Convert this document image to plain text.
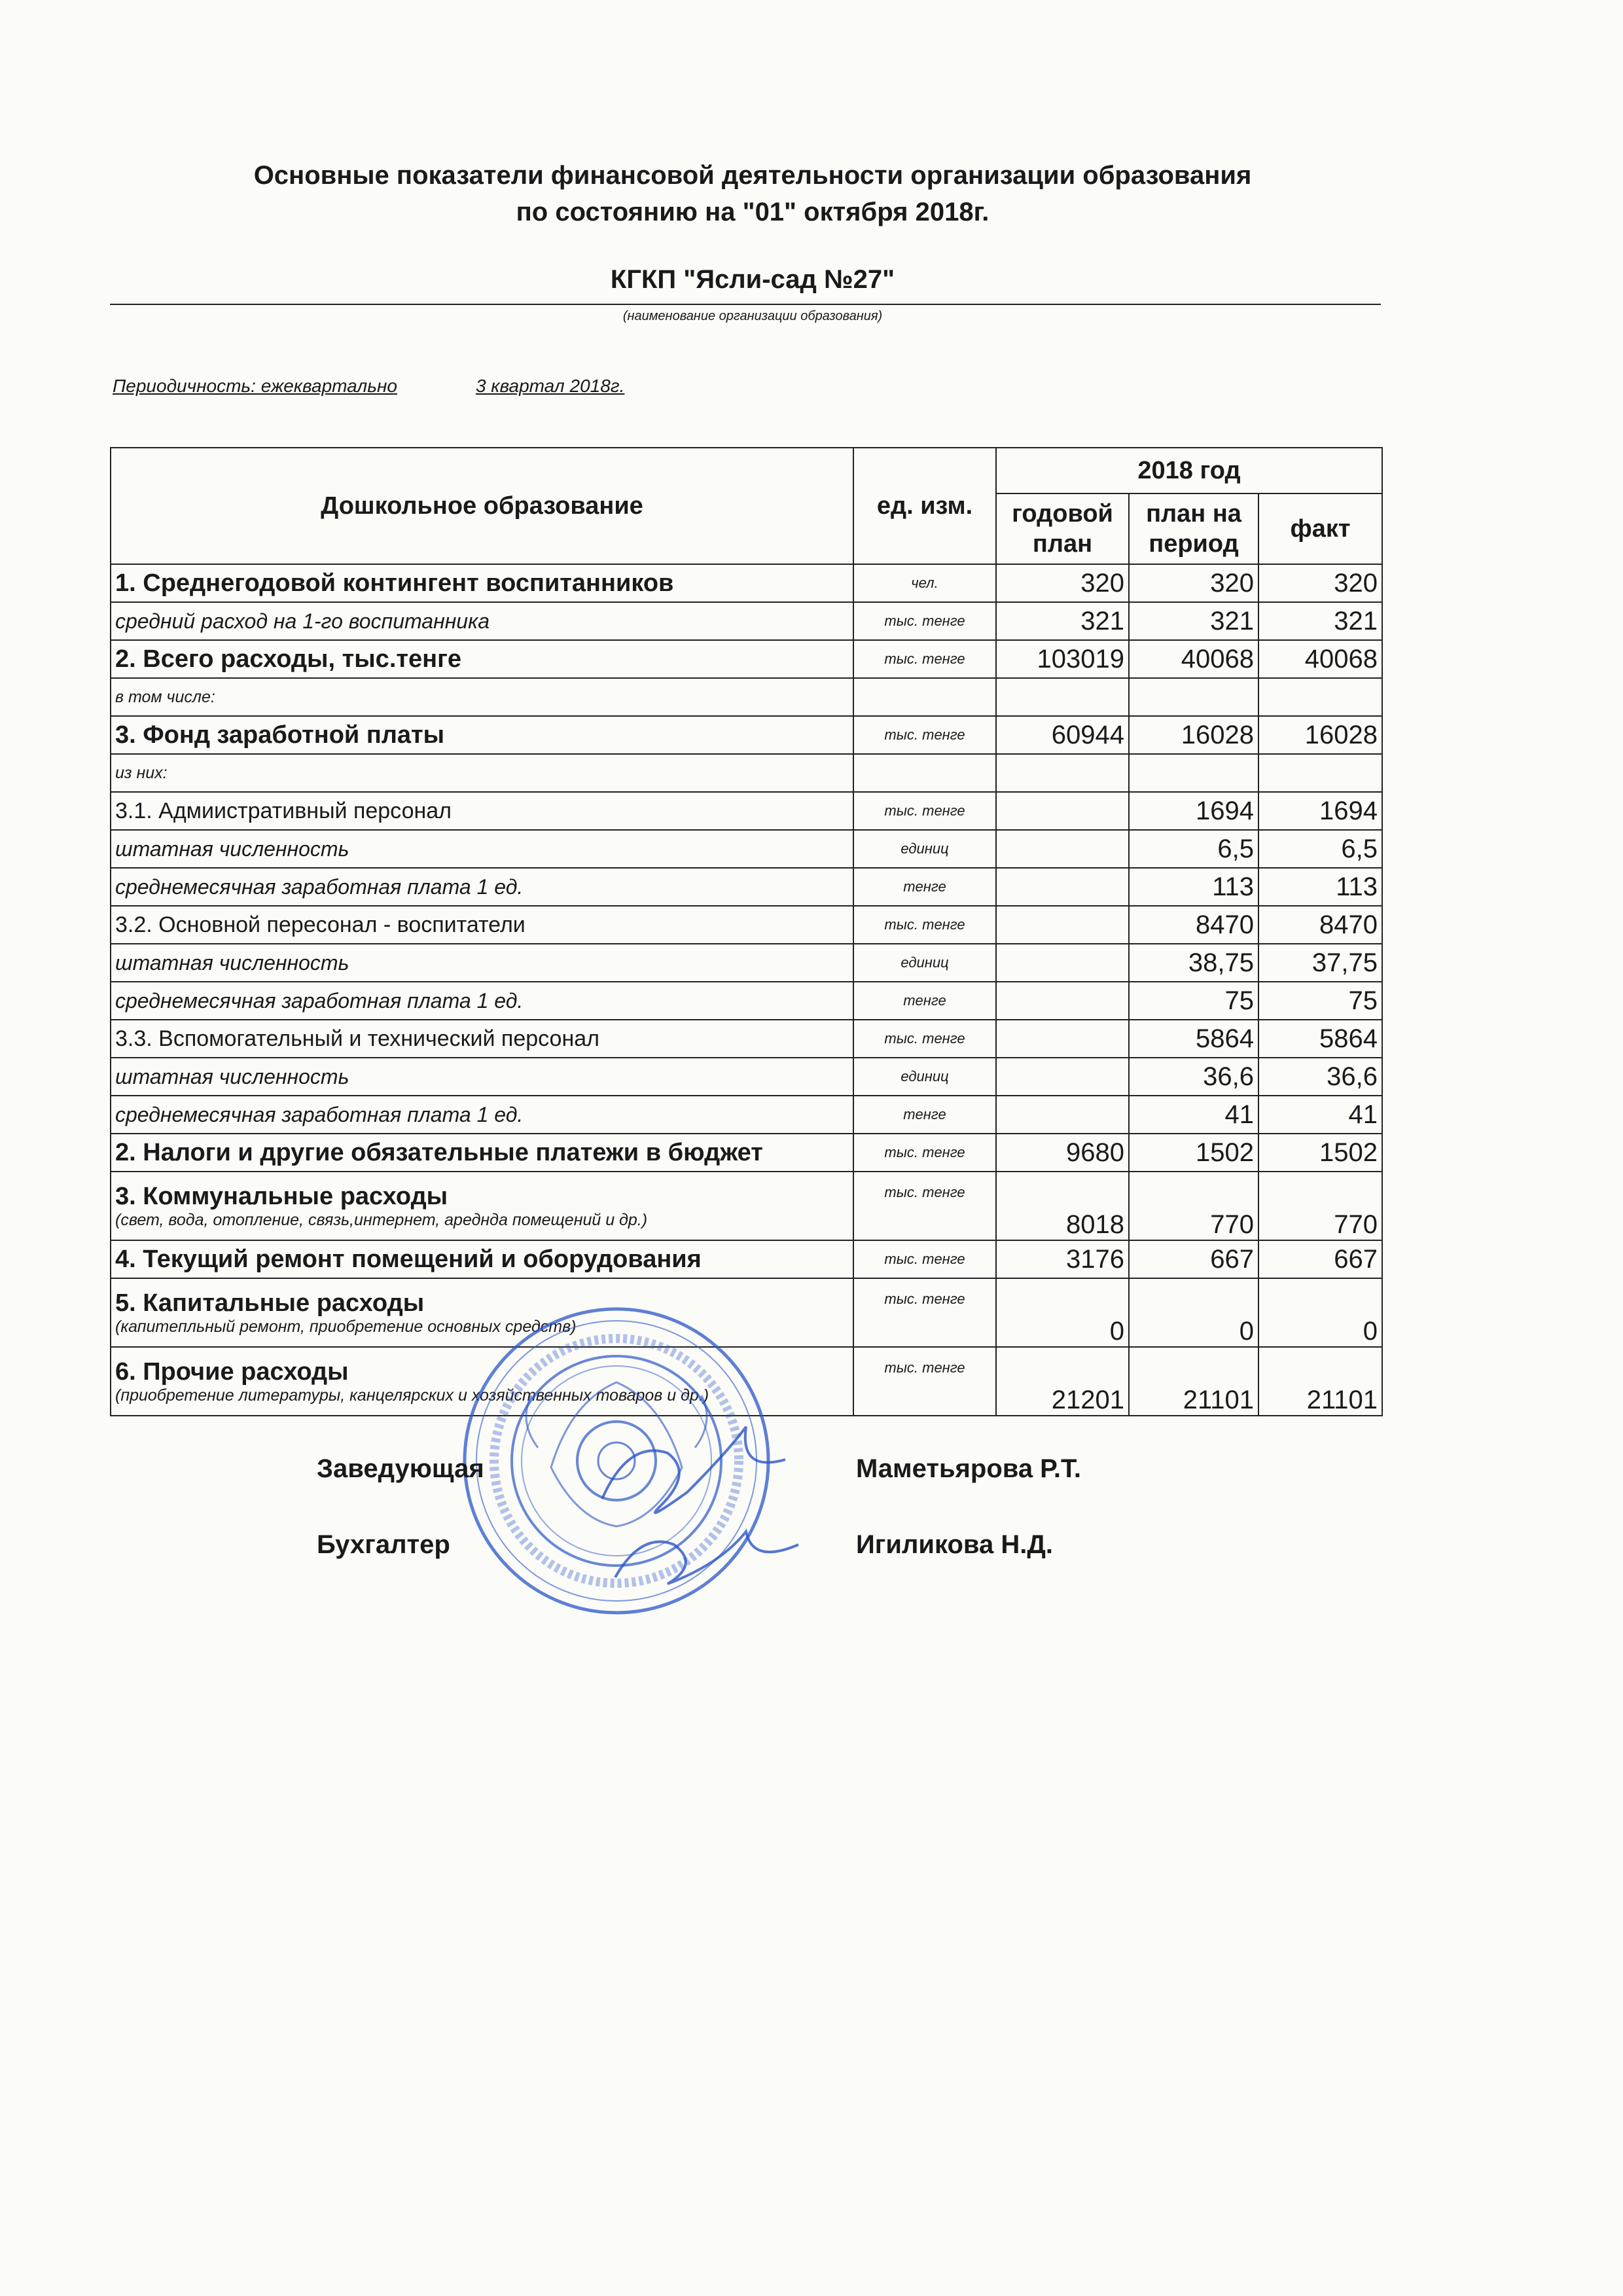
Основные показатели финансовой деятельности организации образования
по состоянию на "01" октября 2018г.
КГКП "Ясли-сад №27"
(наименование организации образования)
Периодичность: ежеквартально	3 квартал 2018г.
Дошкольное образование	ед. изм.	2018 год		
		годовой план	план на период	факт
1. Среднегодовой контингент воспитанников	чел.	320	320	320
средний расход на 1-го воспитанника	тыс. тенге	321	321	321
2. Всего расходы, тыс.тенге	тыс. тенге	103019	40068	40068
в том числе:				
3. Фонд заработной платы	тыс. тенге	60944	16028	16028
из них:				
3.1. Адмиистративный персонал	тыс. тенге		1694	1694
штатная численность	единиц		6,5	6,5
среднемесячная заработная плата 1 ед.	тенге		113	113
3.2. Основной пересонал - воспитатели	тыс. тенге		8470	8470
штатная численность	единиц		38,75	37,75
среднемесячная заработная плата 1 ед.	тенге		75	75
3.3. Вспомогательный и технический персонал	тыс. тенге		5864	5864
штатная численность	единиц		36,6	36,6
среднемесячная заработная плата 1 ед.	тенге		41	41
2. Налоги и другие обязательные платежи в бюджет	тыс. тенге	9680	1502	1502
3. Коммунальные расходы
(свет, вода, отопление, связь,интернет, ареднда помещений и др.)	тыс. тенге	8018	770	770
4. Текущий ремонт помещений и оборудования	тыс. тенге	3176	667	667
5. Капитальные расходы
(капитепльный ремонт, приобретение основных средств)	тыс. тенге	0	0	0
6. Прочие расходы
(приобретение литературы, канцелярских и хозяйственных товаров и др.)	тыс. тенге	21201	21101	21101
Заведующая	Маметьярова Р.Т.
Бухгалтер	Игиликова Н.Д.
